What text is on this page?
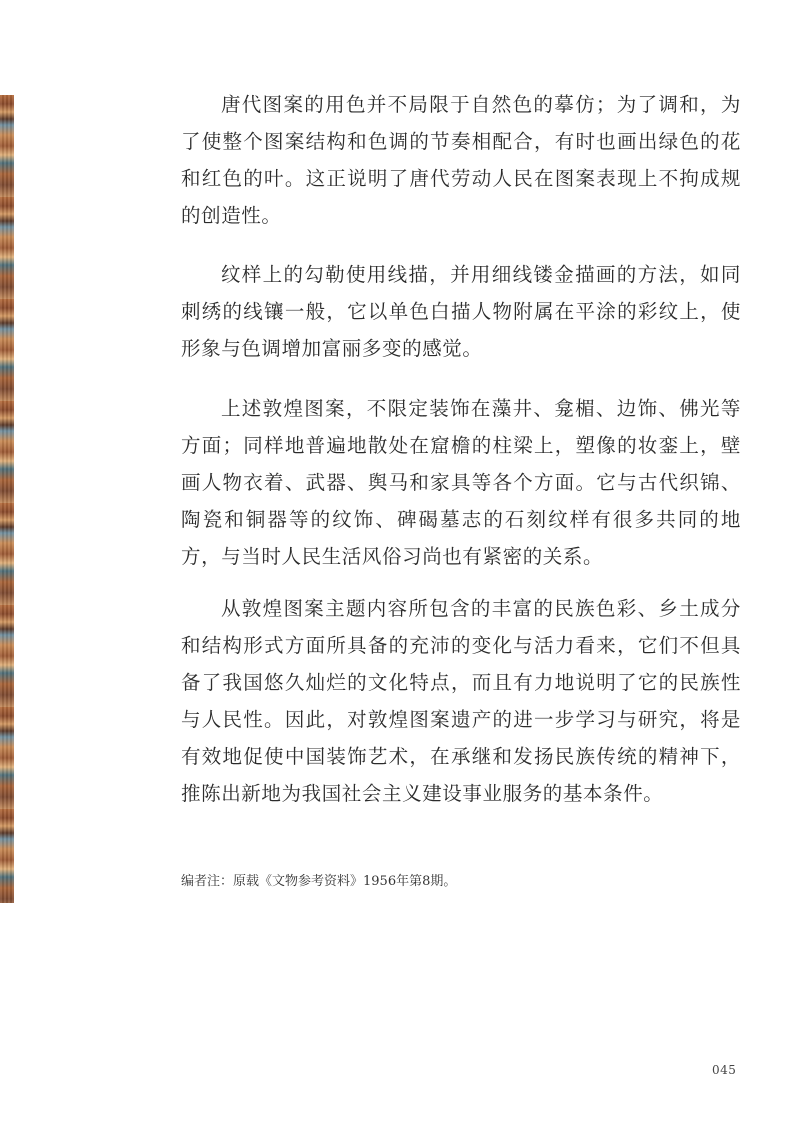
唐代图案的用色并不局限于自然色的摹仿；为了调和，为了使整个图案结构和色调的节奏相配合，有时也画出绿色的花和红色的叶。这正说明了唐代劳动人民在图案表现上不拘成规的创造性。

纹样上的勾勒使用线描，并用细线镂金描画的方法，如同刺绣的线镶一般，它以单色白描人物附属在平涂的彩纹上，使形象与色调增加富丽多变的感觉。

上述敦煌图案，不限定装饰在藻井、龛楣、边饰、佛光等方面；同样地普遍地散处在窟檐的柱梁上，塑像的妆銮上，壁画人物衣着、武器、舆马和家具等各个方面。它与古代织锦、陶瓷和铜器等的纹饰、碑碣墓志的石刻纹样有很多共同的地方，与当时人民生活风俗习尚也有紧密的关系。

从敦煌图案主题内容所包含的丰富的民族色彩、乡土成分和结构形式方面所具备的充沛的变化与活力看来，它们不但具备了我国悠久灿烂的文化特点，而且有力地说明了它的民族性与人民性。因此，对敦煌图案遗产的进一步学习与研究，将是有效地促使中国装饰艺术，在承继和发扬民族传统的精神下，推陈出新地为我国社会主义建设事业服务的基本条件。

编者注：原载《文物参考资料》1956年第8期。
045
